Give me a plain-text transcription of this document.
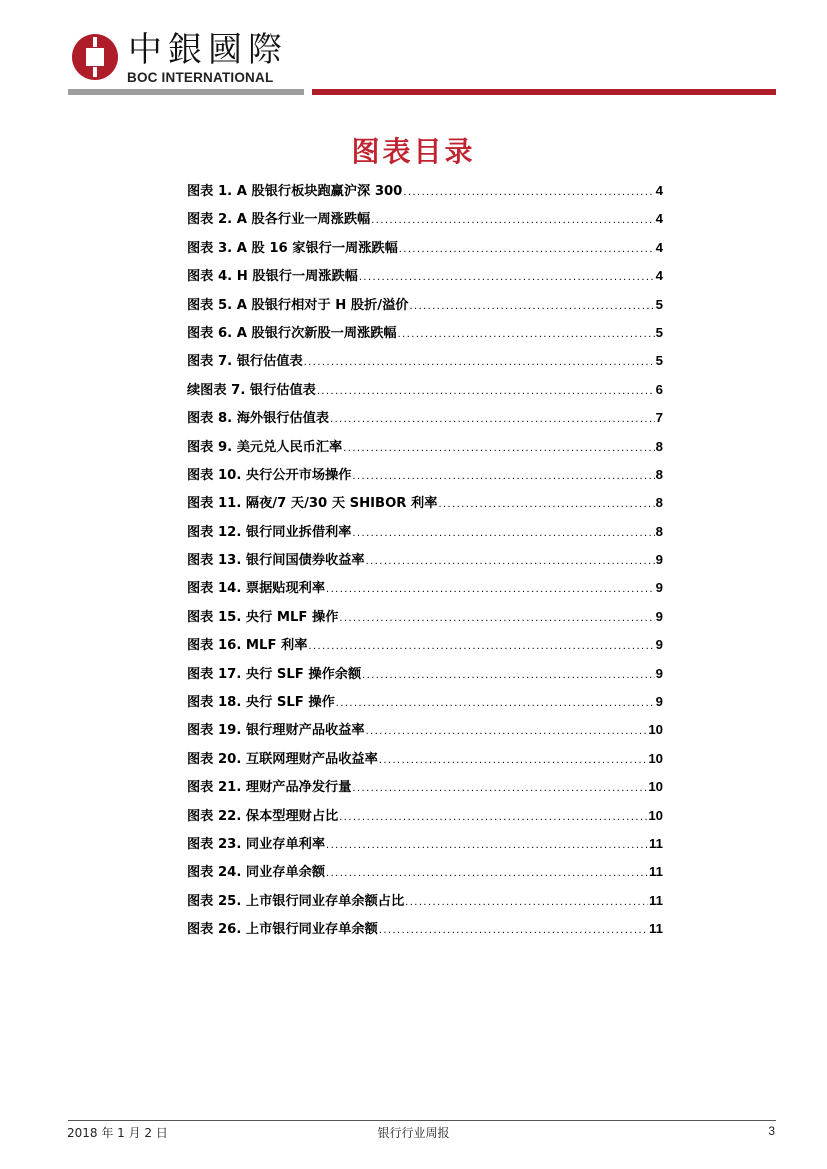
中銀國際
BOC INTERNATIONAL
图表目录
图表 1. A 股银行板块跑赢沪深 300 .....	4
图表 2. A 股各行业一周涨跌幅 .....	4
图表 3. A 股 16 家银行一周涨跌幅 .....	4
图表 4. H 股银行一周涨跌幅 .....	4
图表 5. A 股银行相对于 H 股折/溢价 .....	5
图表 6. A 股银行次新股一周涨跌幅 .....	5
图表 7. 银行估值表 .....	5
续图表 7. 银行估值表 .....	6
图表 8. 海外银行估值表 .....	7
图表 9. 美元兑人民币汇率 .....	8
图表 10. 央行公开市场操作 .....	8
图表 11. 隔夜/7 天/30 天 SHIBOR 利率 .....	8
图表 12. 银行同业拆借利率 .....	8
图表 13. 银行间国债券收益率 .....	9
图表 14. 票据贴现利率 .....	9
图表 15. 央行 MLF 操作 .....	9
图表 16. MLF 利率 .....	9
图表 17. 央行 SLF 操作余额 .....	9
图表 18. 央行 SLF 操作 .....	9
图表 19. 银行理财产品收益率 .....	10
图表 20. 互联网理财产品收益率 .....	10
图表 21. 理财产品净发行量 .....	10
图表 22. 保本型理财占比 .....	10
图表 23. 同业存单利率 .....	11
图表 24. 同业存单余额 .....	11
图表 25. 上市银行同业存单余额占比 .....	11
图表 26. 上市银行同业存单余额 .....	11
2018 年 1 月 2 日	银行行业周报	3
